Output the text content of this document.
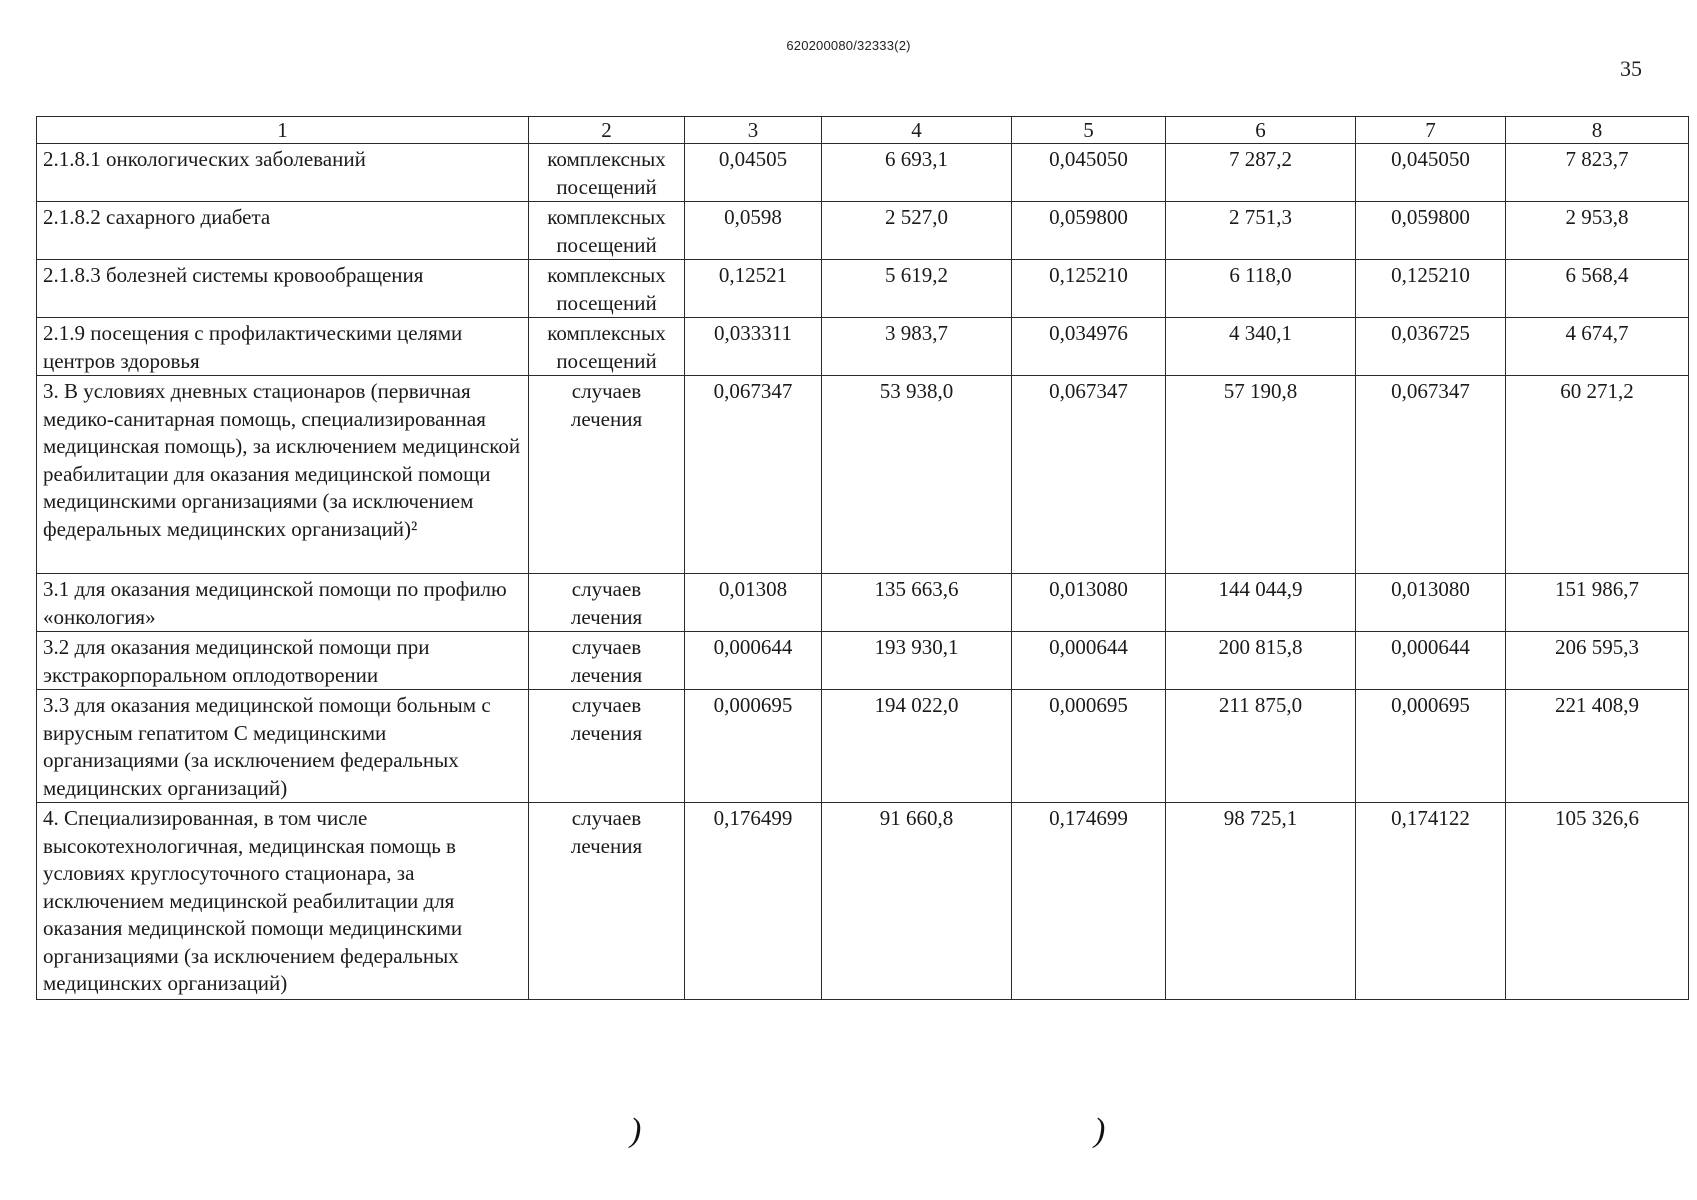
620200080/32333(2)
35
1	2	3	4	5	6	7	8
2.1.8.1 онкологических заболеваний	комплексных посещений	0,04505	6 693,1	0,045050	7 287,2	0,045050	7 823,7
2.1.8.2 сахарного диабета	комплексных посещений	0,0598	2 527,0	0,059800	2 751,3	0,059800	2 953,8
2.1.8.3 болезней системы кровообращения	комплексных посещений	0,12521	5 619,2	0,125210	6 118,0	0,125210	6 568,4
2.1.9 посещения с профилактическими целями центров здоровья	комплексных посещений	0,033311	3 983,7	0,034976	4 340,1	0,036725	4 674,7
3. В условиях дневных стационаров (первичная медико-санитарная помощь, специализированная медицинская помощь), за исключением медицинской реабилитации для оказания медицинской помощи медицинскими организациями (за исключением федеральных медицинских организаций)²	случаев лечения	0,067347	53 938,0	0,067347	57 190,8	0,067347	60 271,2
3.1 для оказания медицинской помощи по профилю «онкология»	случаев лечения	0,01308	135 663,6	0,013080	144 044,9	0,013080	151 986,7
3.2 для оказания медицинской помощи при экстракорпоральном оплодотворении	случаев лечения	0,000644	193 930,1	0,000644	200 815,8	0,000644	206 595,3
3.3 для оказания медицинской помощи больным с вирусным гепатитом С медицинскими организациями (за исключением федеральных медицинских организаций)	случаев лечения	0,000695	194 022,0	0,000695	211 875,0	0,000695	221 408,9
4. Специализированная, в том числе высокотехнологичная, медицинская помощь в условиях круглосуточного стационара, за исключением медицинской реабилитации для оказания медицинской помощи медицинскими организациями (за исключением федеральных медицинских организаций)	случаев лечения	0,176499	91 660,8	0,174699	98 725,1	0,174122	105 326,6
)	)
